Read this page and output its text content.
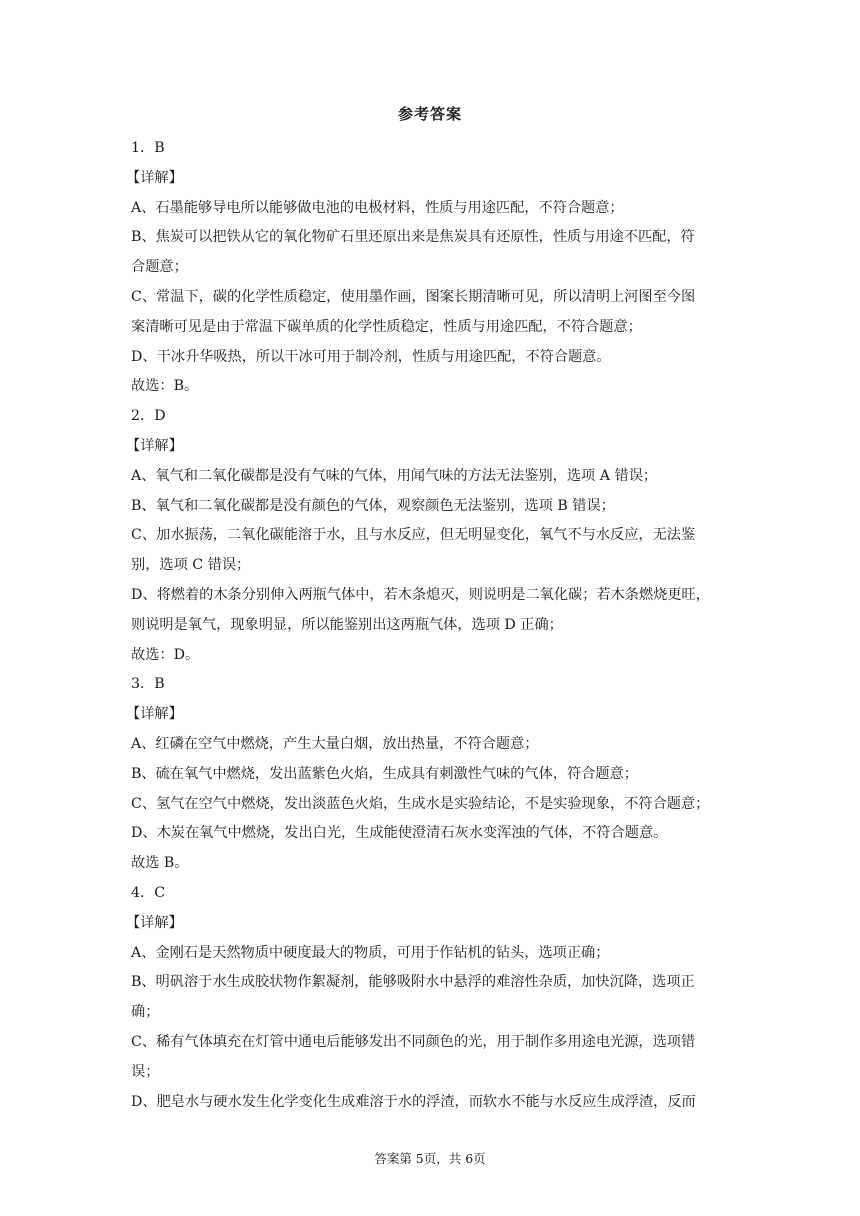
参考答案
1．B
【详解】
A、石墨能够导电所以能够做电池的电极材料，性质与用途匹配，不符合题意；
B、焦炭可以把铁从它的氧化物矿石里还原出来是焦炭具有还原性，性质与用途不匹配，符
合题意；
C、常温下，碳的化学性质稳定，使用墨作画，图案长期清晰可见，所以清明上河图至今图
案清晰可见是由于常温下碳单质的化学性质稳定，性质与用途匹配，不符合题意；
D、干冰升华吸热，所以干冰可用于制冷剂，性质与用途匹配，不符合题意。
故选：B。
2．D
【详解】
A、氧气和二氧化碳都是没有气味的气体，用闻气味的方法无法鉴别，选项 A 错误；
B、氧气和二氧化碳都是没有颜色的气体，观察颜色无法鉴别，选项 B 错误；
C、加水振荡，二氧化碳能溶于水，且与水反应，但无明显变化，氧气不与水反应，无法鉴
别，选项 C 错误；
D、将燃着的木条分别伸入两瓶气体中，若木条熄灭，则说明是二氧化碳；若木条燃烧更旺，
则说明是氧气，现象明显，所以能鉴别出这两瓶气体，选项 D 正确；
故选：D。
3．B
【详解】
A、红磷在空气中燃烧，产生大量白烟，放出热量，不符合题意；
B、硫在氧气中燃烧，发出蓝紫色火焰，生成具有刺激性气味的气体，符合题意；
C、氢气在空气中燃烧，发出淡蓝色火焰，生成水是实验结论，不是实验现象，不符合题意；
D、木炭在氧气中燃烧，发出白光，生成能使澄清石灰水变浑浊的气体，不符合题意。
故选 B。
4．C
【详解】
A、金刚石是天然物质中硬度最大的物质，可用于作钻机的钻头，选项正确；
B、明矾溶于水生成胶状物作絮凝剂，能够吸附水中悬浮的难溶性杂质，加快沉降，选项正
确；
C、稀有气体填充在灯管中通电后能够发出不同颜色的光，用于制作多用途电光源，选项错
误；
D、肥皂水与硬水发生化学变化生成难溶于水的浮渣，而软水不能与水反应生成浮渣，反而
答案第 5页，共 6页
